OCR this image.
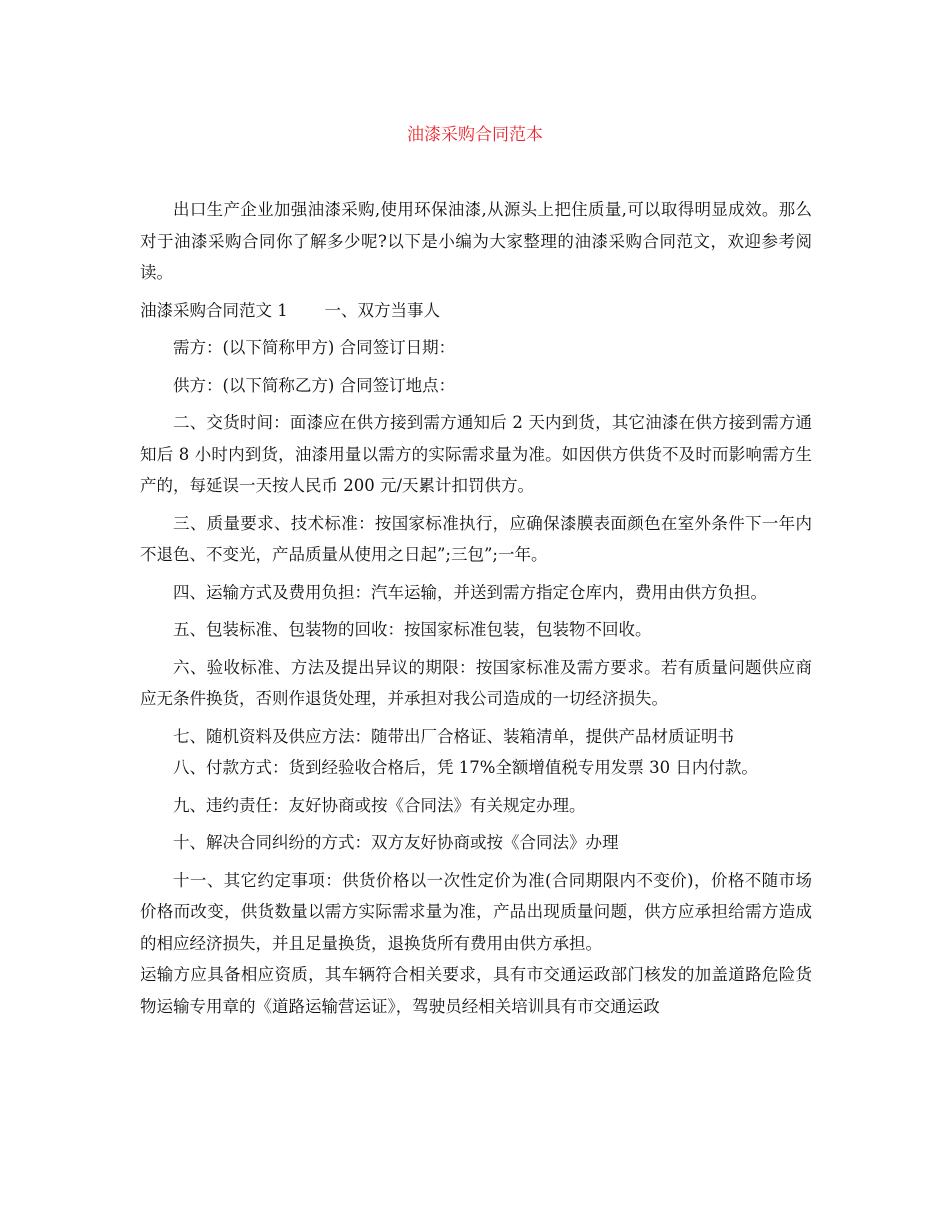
油漆采购合同范本

出口生产企业加强油漆采购,使用环保油漆,从源头上把住质量,可以取得明显成效。那么对于油漆采购合同你了解多少呢?以下是小编为大家整理的油漆采购合同范文，欢迎参考阅读。

油漆采购合同范文 1 一、双方当事人

需方：(以下简称甲方) 合同签订日期：

供方：(以下简称乙方) 合同签订地点：

二、交货时间：面漆应在供方接到需方通知后 2 天内到货，其它油漆在供方接到需方通知后 8 小时内到货，油漆用量以需方的实际需求量为准。如因供方供货不及时而影响需方生产的，每延误一天按人民币 200 元/天累计扣罚供方。

三、质量要求、技术标准：按国家标准执行，应确保漆膜表面颜色在室外条件下一年内不退色、不变光，产品质量从使用之日起”;三包”;一年。

四、运输方式及费用负担：汽车运输，并送到需方指定仓库内，费用由供方负担。

五、包装标准、包装物的回收：按国家标准包装，包装物不回收。

六、验收标准、方法及提出异议的期限：按国家标准及需方要求。若有质量问题供应商应无条件换货，否则作退货处理，并承担对我公司造成的一切经济损失。

七、随机资料及供应方法：随带出厂合格证、装箱清单，提供产品材质证明书

八、付款方式：货到经验收合格后，凭 17%全额增值税专用发票 30 日内付款。

九、违约责任：友好协商或按《合同法》有关规定办理。

十、解决合同纠纷的方式：双方友好协商或按《合同法》办理

十一、其它约定事项：供货价格以一次性定价为准(合同期限内不变价)，价格不随市场价格而改变，供货数量以需方实际需求量为准，产品出现质量问题，供方应承担给需方造成的相应经济损失，并且足量换货，退换货所有费用由供方承担。

运输方应具备相应资质，其车辆符合相关要求，具有市交通运政部门核发的加盖道路危险货物运输专用章的《道路运输营运证》，驾驶员经相关培训具有市交通运政
